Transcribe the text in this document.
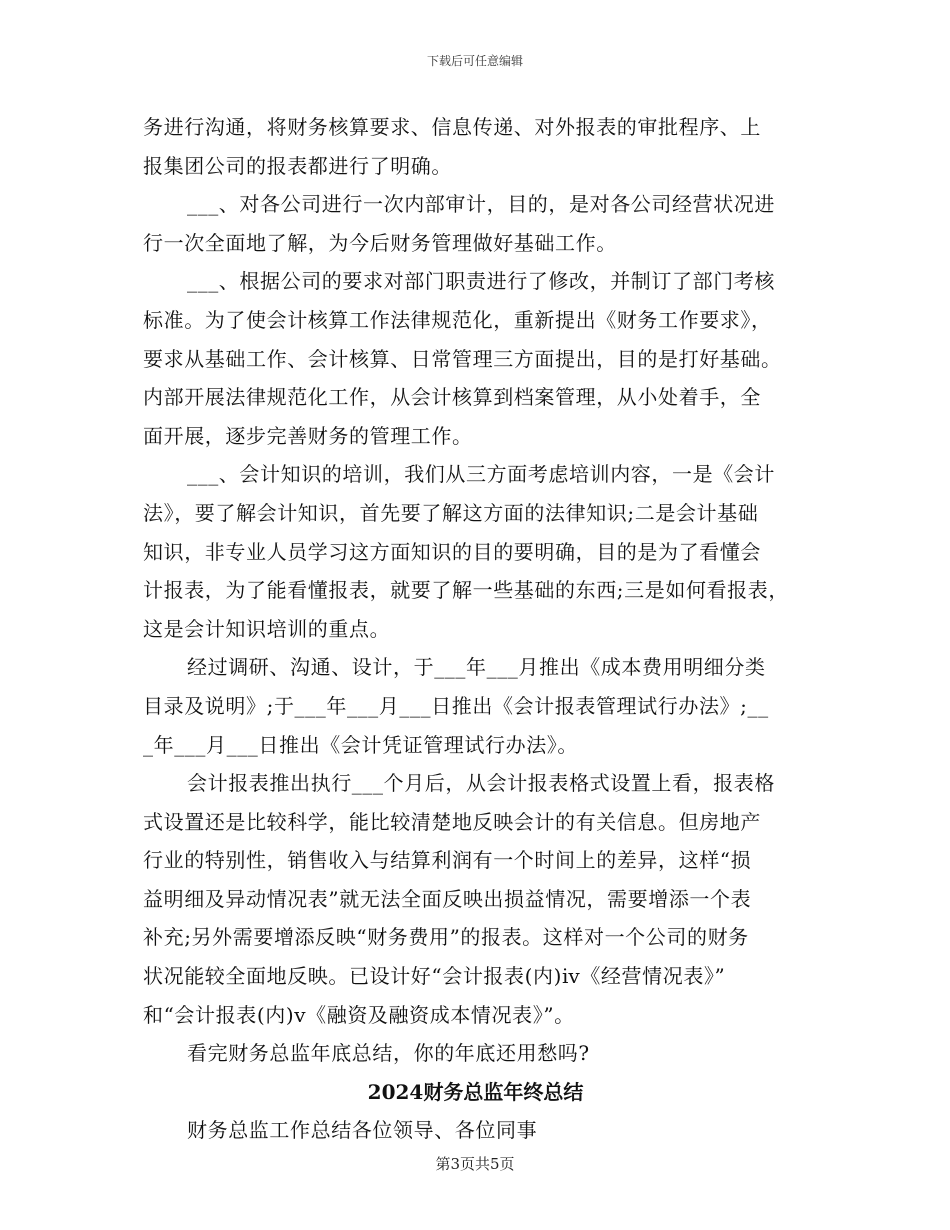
下载后可任意编辑
务进行沟通，将财务核算要求、信息传递、对外报表的审批程序、上
报集团公司的报表都进行了明确。
___、对各公司进行一次内部审计，目的，是对各公司经营状况进
行一次全面地了解，为今后财务管理做好基础工作。
___、根据公司的要求对部门职责进行了修改，并制订了部门考核
标准。为了使会计核算工作法律规范化，重新提出《财务工作要求》，
要求从基础工作、会计核算、日常管理三方面提出，目的是打好基础。
内部开展法律规范化工作，从会计核算到档案管理，从小处着手，全
面开展，逐步完善财务的管理工作。
___、会计知识的培训，我们从三方面考虑培训内容，一是《会计
法》，要了解会计知识，首先要了解这方面的法律知识;二是会计基础
知识，非专业人员学习这方面知识的目的要明确，目的是为了看懂会
计报表，为了能看懂报表，就要了解一些基础的东西;三是如何看报表，
这是会计知识培训的重点。
经过调研、沟通、设计，于___年___月推出《成本费用明细分类
目录及说明》;于___年___月___日推出《会计报表管理试行办法》;__
_年___月___日推出《会计凭证管理试行办法》。
会计报表推出执行___个月后，从会计报表格式设置上看，报表格
式设置还是比较科学，能比较清楚地反映会计的有关信息。但房地产
行业的特别性，销售收入与结算利润有一个时间上的差异，这样“损
益明细及异动情况表”就无法全面反映出损益情况，需要增添一个表
补充;另外需要增添反映“财务费用”的报表。这样对一个公司的财务
状况能较全面地反映。已设计好“会计报表(内)ⅳ《经营情况表》”
和“会计报表(内)ⅴ《融资及融资成本情况表》”。
看完财务总监年底总结，你的年底还用愁吗?
2024财务总监年终总结
财务总监工作总结各位领导、各位同事
第3页共5页
